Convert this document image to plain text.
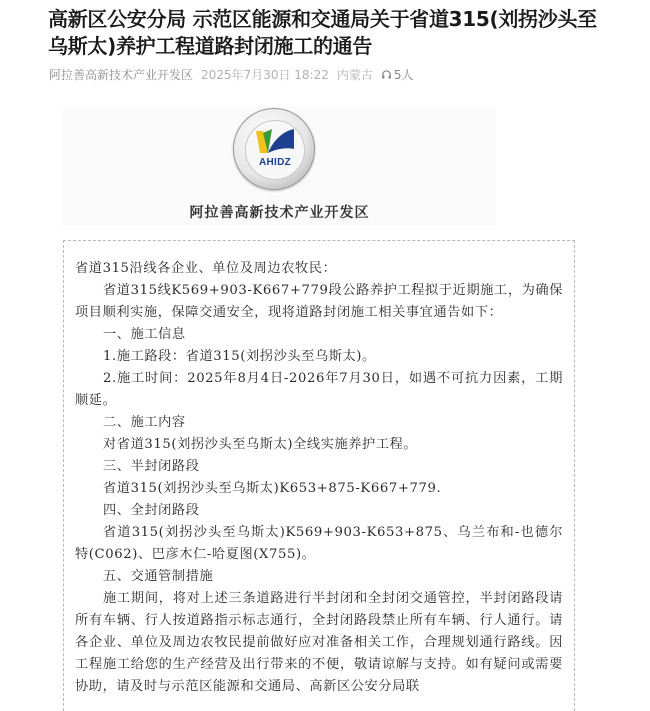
高新区公安分局 示范区能源和交通局关于省道315(刘拐沙头至乌斯太)养护工程道路封闭施工的通告
阿拉善高新技术产业开发区 2025年7月30日 18:22 内蒙古 5人
AHIDZ
阿拉善高新技术产业开发区

省道315沿线各企业、单位及周边农牧民：

省道315线K569+903-K667+779段公路养护工程拟于近期施工，为确保项目顺利实施，保障交通安全，现将道路封闭施工相关事宜通告如下：

一、施工信息

1.施工路段：省道315(刘拐沙头至乌斯太)。

2.施工时间：2025年8月4日-2026年7月30日，如遇不可抗力因素，工期顺延。

二、施工内容

对省道315(刘拐沙头至乌斯太)全线实施养护工程。

三、半封闭路段

省道315(刘拐沙头至乌斯太)K653+875-K667+779.

四、全封闭路段

省道315(刘拐沙头至乌斯太)K569+903-K653+875、乌兰布和-也德尔特(C062)、巴彦木仁-哈夏图(X755)。

五、交通管制措施

施工期间，将对上述三条道路进行半封闭和全封闭交通管控，半封闭路段请所有车辆、行人按道路指示标志通行，全封闭路段禁止所有车辆、行人通行。请各企业、单位及周边农牧民提前做好应对准备相关工作，合理规划通行路线。因工程施工给您的生产经营及出行带来的不便，敬请谅解与支持。如有疑问或需要协助，请及时与示范区能源和交通局、高新区公安分局联
